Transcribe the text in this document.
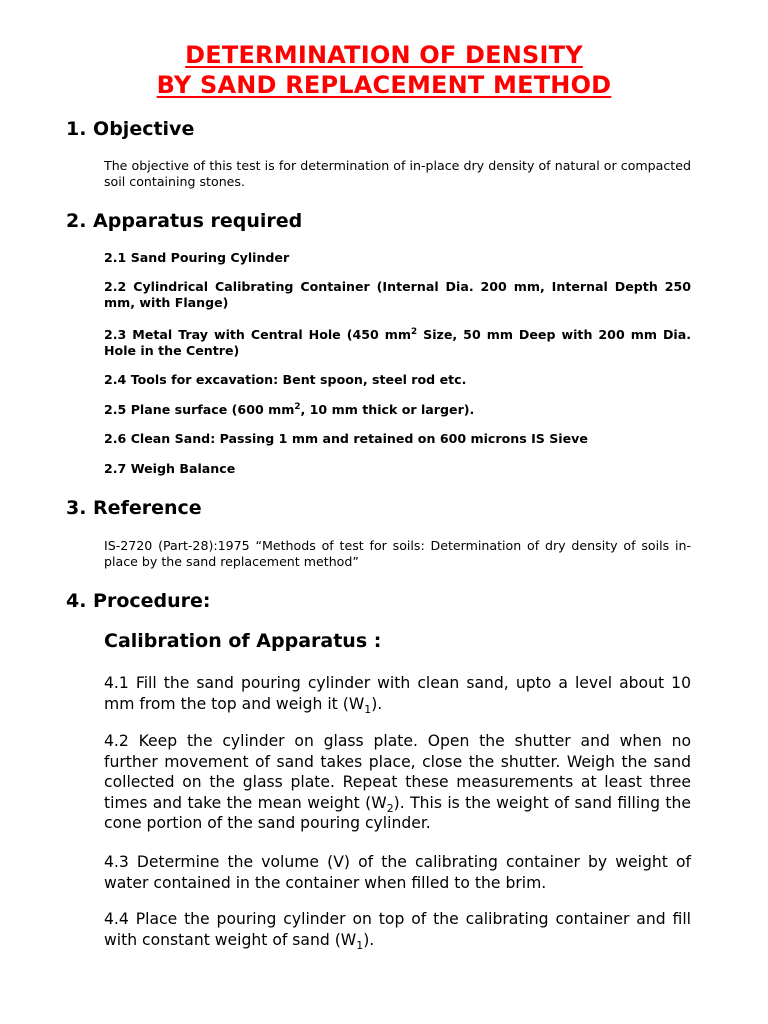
DETERMINATION OF DENSITY
BY SAND REPLACEMENT METHOD
1. Objective

The objective of this test is for determination of in-place dry density of natural or compacted soil containing stones.

2. Apparatus required

2.1 Sand Pouring Cylinder

2.2 Cylindrical Calibrating Container (Internal Dia. 200 mm, Internal Depth 250 mm, with Flange)

2.3 Metal Tray with Central Hole (450 $mm^2$ Size, 50 mm Deep with 200 mm Dia. Hole in the Centre)

2.4 Tools for excavation: Bent spoon, steel rod etc.

2.5 Plane surface (600 $mm^2$, 10 mm thick or larger).

2.6 Clean Sand: Passing 1 mm and retained on 600 microns IS Sieve

2.7 Weigh Balance

3. Reference

IS-2720 (Part-28):1975 “Methods of test for soils: Determination of dry density of soils in-place by the sand replacement method”

4. Procedure:
Calibration of Apparatus :

4.1 Fill the sand pouring cylinder with clean sand, upto a level about 10 mm from the top and weigh it $(W_1)$.

4.2 Keep the cylinder on glass plate. Open the shutter and when no further movement of sand takes place, close the shutter. Weigh the sand collected on the glass plate. Repeat these measurements at least three times and take the mean weight $(W_2)$. This is the weight of sand filling the cone portion of the sand pouring cylinder.

4.3 Determine the volume (V) of the calibrating container by weight of water contained in the container when filled to the brim.

4.4 Place the pouring cylinder on top of the calibrating container and fill with constant weight of sand $(W_1)$.
